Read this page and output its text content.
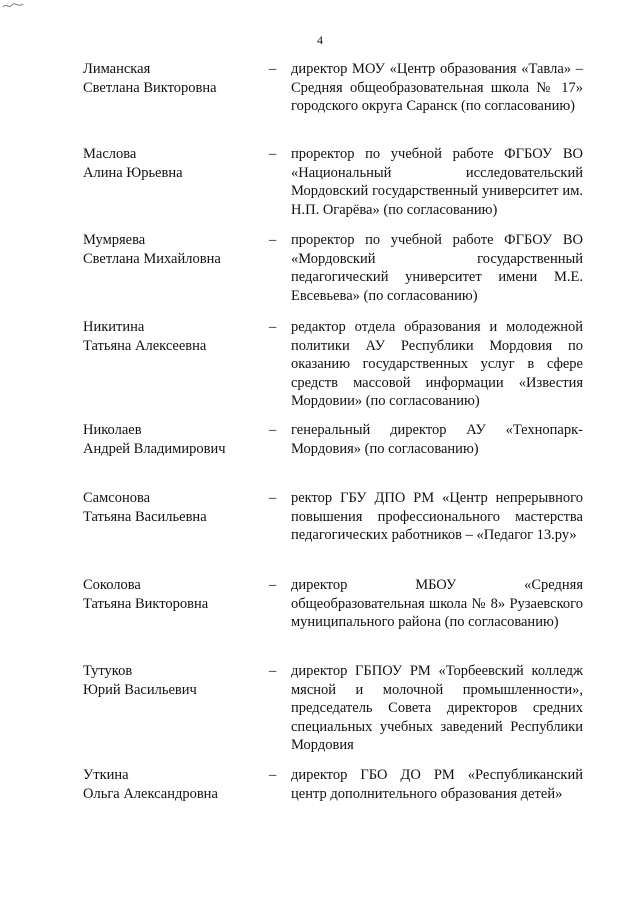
4
Лиманская
Светлана Викторовна
– директор МОУ «Центр образования «Тавла» – Средняя общеобразовательная школа № 17» городского округа Саранск (по согласованию)
Маслова
Алина Юрьевна
– проректор по учебной работе ФГБОУ ВО «Национальный исследовательский Мордовский государственный университет им. Н.П. Огарёва» (по согласованию)
Мумряева
Светлана Михайловна
– проректор по учебной работе ФГБОУ ВО «Мордовский государственный педагогический университет имени М.Е. Евсевьева» (по согласованию)
Никитина
Татьяна Алексеевна
– редактор отдела образования и молодежной политики АУ Республики Мордовия по оказанию государственных услуг в сфере средств массовой информации «Известия Мордовии» (по согласованию)
Николаев
Андрей Владимирович
– генеральный директор АУ «Технопарк-Мордовия» (по согласованию)
Самсонова
Татьяна Васильевна
– ректор ГБУ ДПО РМ «Центр непрерывного повышения профессионального мастерства педагогических работников – «Педагог 13.ру»
Соколова
Татьяна Викторовна
– директор МБОУ «Средняя общеобразовательная школа № 8» Рузаевского муниципального района (по согласованию)
Тутуков
Юрий Васильевич
– директор ГБПОУ РМ «Торбеевский колледж мясной и молочной промышленности», председатель Совета директоров средних специальных учебных заведений Республики Мордовия
Уткина
Ольга Александровна
– директор ГБО ДО РМ «Республиканский центр дополнительного образования детей»
